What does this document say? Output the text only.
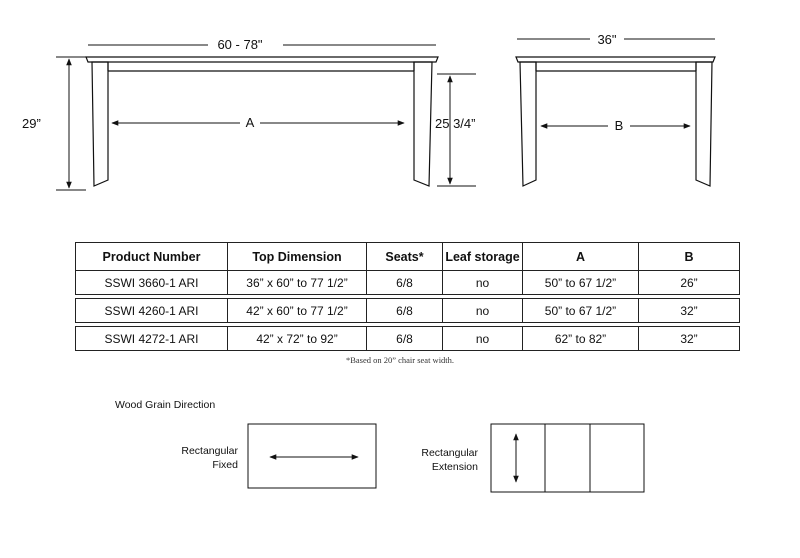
60 - 78"
29”	25 3/4”
A
36"
B
Product Number	Top Dimension	Seats*	Leaf storage	A	B
SSWI 3660-1 ARI	36” x 60” to 77 1/2”	6/8	no	50” to 67 1/2”	26”

SSWI 4260-1 ARI	42” x 60” to 77 1/2”	6/8	no	50” to 67 1/2”	32”

SSWI 4272-1 ARI	42” x 72” to 92”	6/8	no	62” to 82”	32”
*Based on 20” chair seat width.
Wood Grain Direction
Rectangular
Fixed
Rectangular
Extension
